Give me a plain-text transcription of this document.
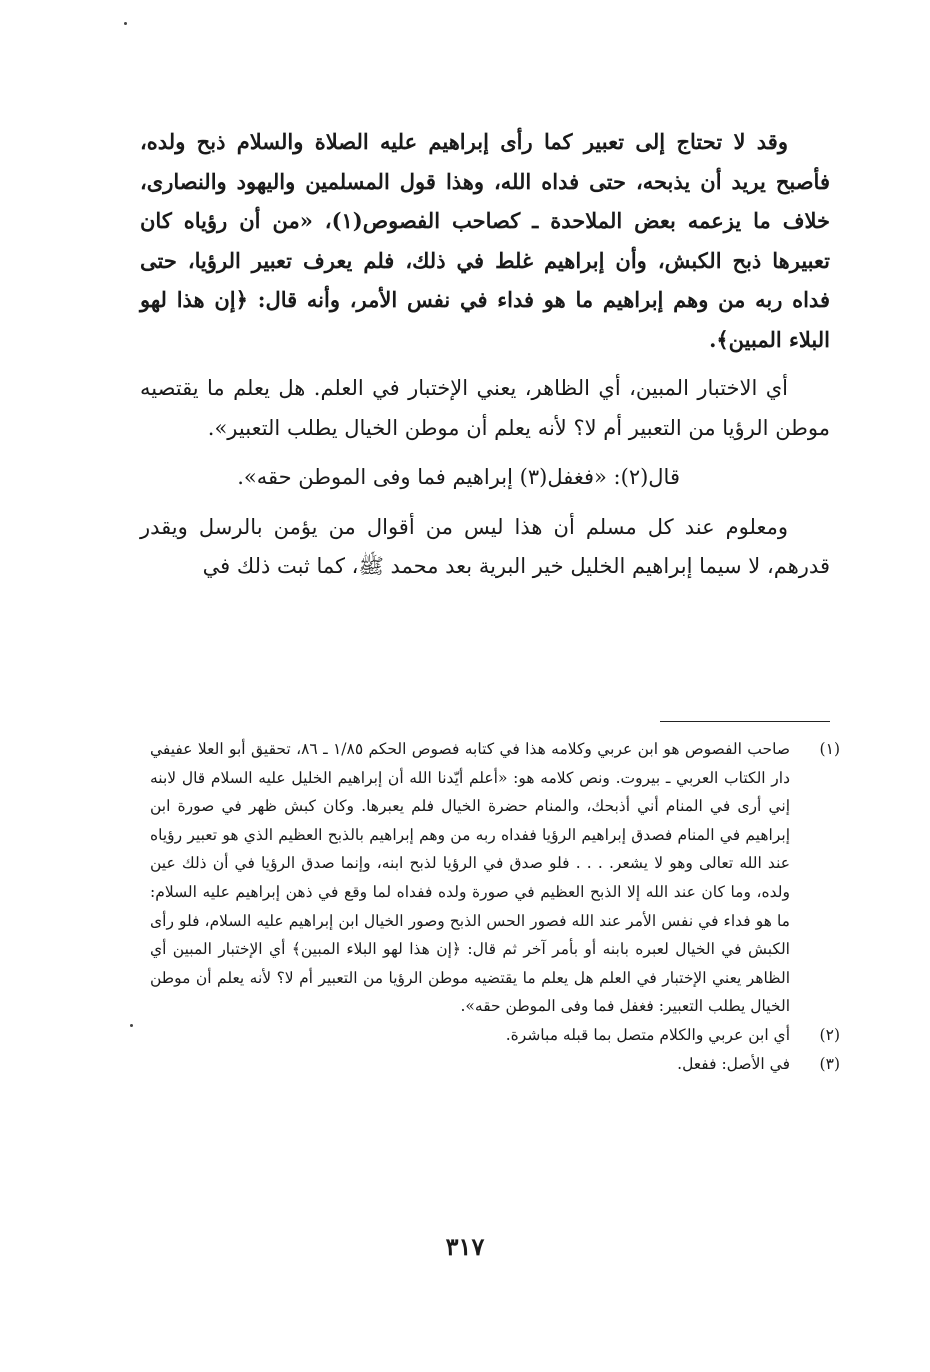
وقد لا تحتاج إلى تعبير كما رأى إبراهيم عليه الصلاة والسلام ذبح ولده، فأصبح يريد أن يذبحه، حتى فداه الله، وهذا قول المسلمين واليهود والنصارى، خلاف ما يزعمه بعض الملاحدة ـ كصاحب الفصوص(١)، «من أن رؤياه كان تعبيرها ذبح الكبش، وأن إبراهيم غلط في ذلك، فلم يعرف تعبير الرؤيا، حتى فداه ربه من وهم إبراهيم ما هو فداء في نفس الأمر، وأنه قال: ﴿إن هذا لهو البلاء المبين﴾.

أي الاختبار المبين، أي الظاهر، يعني الإختبار في العلم. هل يعلم ما يقتصيه موطن الرؤيا من التعبير أم لا؟ لأنه يعلم أن موطن الخيال يطلب التعبير».

قال(٢): «فغفل(٣) إبراهيم فما وفى الموطن حقه».

ومعلوم عند كل مسلم أن هذا ليس من أقوال من يؤمن بالرسل ويقدر قدرهم، لا سيما إبراهيم الخليل خير البرية بعد محمد ﷺ، كما ثبت ذلك في

(١)
صاحب الفصوص هو ابن عربي وكلامه هذا في كتابه فصوص الحكم ١/٨٥ ـ ٨٦، تحقيق أبو العلا عفيفي دار الكتاب العربي ـ بيروت. ونص كلامه هو: «أعلم أيّدنا الله أن إبراهيم الخليل عليه السلام قال لابنه إني أرى في المنام أني أذبحك، والمنام حضرة الخيال فلم يعبرها. وكان كبش ظهر في صورة ابن إبراهيم في المنام فصدق إبراهيم الرؤيا ففداه ربه من وهم إبراهيم بالذبح العظيم الذي هو تعبير رؤياه عند الله تعالى وهو لا يشعر. . . . فلو صدق في الرؤيا لذبح ابنه، وإنما صدق الرؤيا في أن ذلك عين ولده، وما كان عند الله إلا الذبح العظيم في صورة ولده ففداه لما وقع في ذهن إبراهيم عليه السلام: ما هو فداء في نفس الأمر عند الله فصور الحس الذبح وصور الخيال ابن إبراهيم عليه السلام، فلو رأى الكبش في الخيال لعبره بابنه أو بأمر آخر ثم قال: ﴿إن هذا لهو البلاء المبين﴾ أي الإختبار المبين أي الظاهر يعني الإختبار في العلم هل يعلم ما يقتضيه موطن الرؤيا من التعبير أم لا؟ لأنه يعلم أن موطن الخيال يطلب التعبير: فغفل فما وفى الموطن حقه».
(٢)
أي ابن عربي والكلام متصل بما قبله مباشرة.
(٣)
في الأصل: ففعل.
٣١٧
